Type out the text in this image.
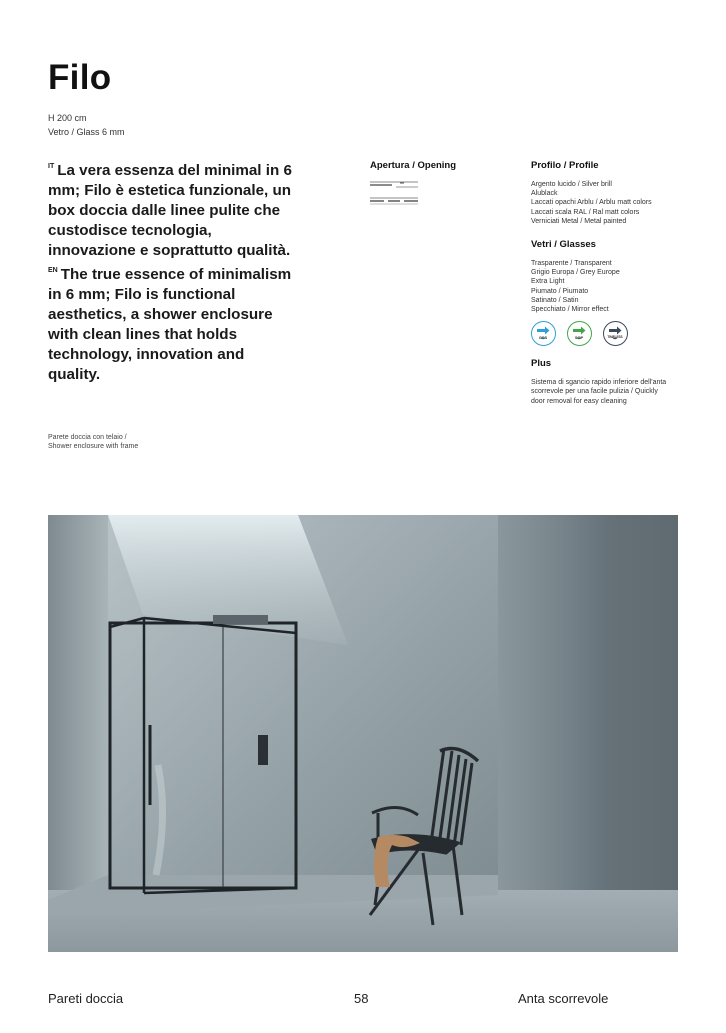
Filo
H 200 cm
Vetro / Glass 6 mm
$^{IT}$ La vera essenza del minimal in 6 mm; Filo è estetica funzionale, un box doccia dalle linee pulite che custodisce tecnologia, innovazione e soprattutto qualità.
$^{EN}$ The true essence of minimalism in 6 mm; Filo is functional aesthetics, a shower enclosure with clean lines that holds technology, innovation and quality.
Parete doccia con telaio /
Shower enclosure with frame
Apertura / Opening	Profilo / Profile
Argento lucido / Silver brill
Alublack
Laccati opachi Arblu / Arblu matt colors
Laccati scala RAL / Ral matt colors
Verniciati Metal / Metal painted
Vetri / Glasses
Trasparente / Transparent
Grigio Europa / Grey Europe
Extra Light
Piumato / Piumato
Satinato / Satin
Specchiato / Mirror effect
GSS	SGP	TIMELESS
Plus
Sistema di sgancio rapido inferiore dell'anta
scorrevole per una facile pulizia / Quickly
door removal for easy cleaning
Pareti doccia	58	Anta scorrevole
